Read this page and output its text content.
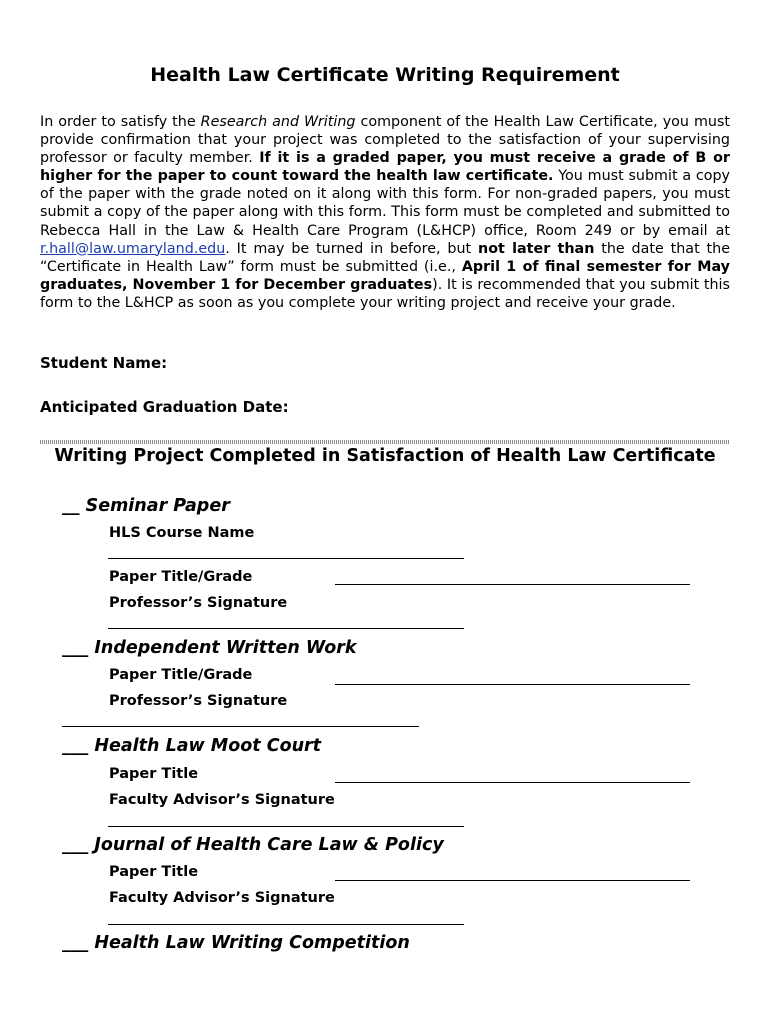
Health Law Certificate Writing Requirement
In order to satisfy the Research and Writing component of the Health Law Certificate, you must provide confirmation that your project was completed to the satisfaction of your supervising professor or faculty member. If it is a graded paper, you must receive a grade of B or higher for the paper to count toward the health law certificate. You must submit a copy of the paper with the grade noted on it along with this form. For non-graded papers, you must submit a copy of the paper along with this form. This form must be completed and submitted to Rebecca Hall in the Law & Health Care Program (L&HCP) office, Room 249 or by email at r.hall@law.umaryland.edu. It may be turned in before, but not later than the date that the “Certificate in Health Law” form must be submitted (i.e., April 1 of final semester for May graduates, November 1 for December graduates). It is recommended that you submit this form to the L&HCP as soon as you complete your writing project and receive your grade.
Student Name:
Anticipated Graduation Date:
Writing Project Completed in Satisfaction of Health Law Certificate
__ Seminar Paper
HLS Course Name
Paper Title/Grade
Professor’s Signature
___ Independent Written Work
Paper Title/Grade
Professor’s Signature
___ Health Law Moot Court
Paper Title
Faculty Advisor’s Signature
___ Journal of Health Care Law & Policy
Paper Title
Faculty Advisor’s Signature
___ Health Law Writing Competition
